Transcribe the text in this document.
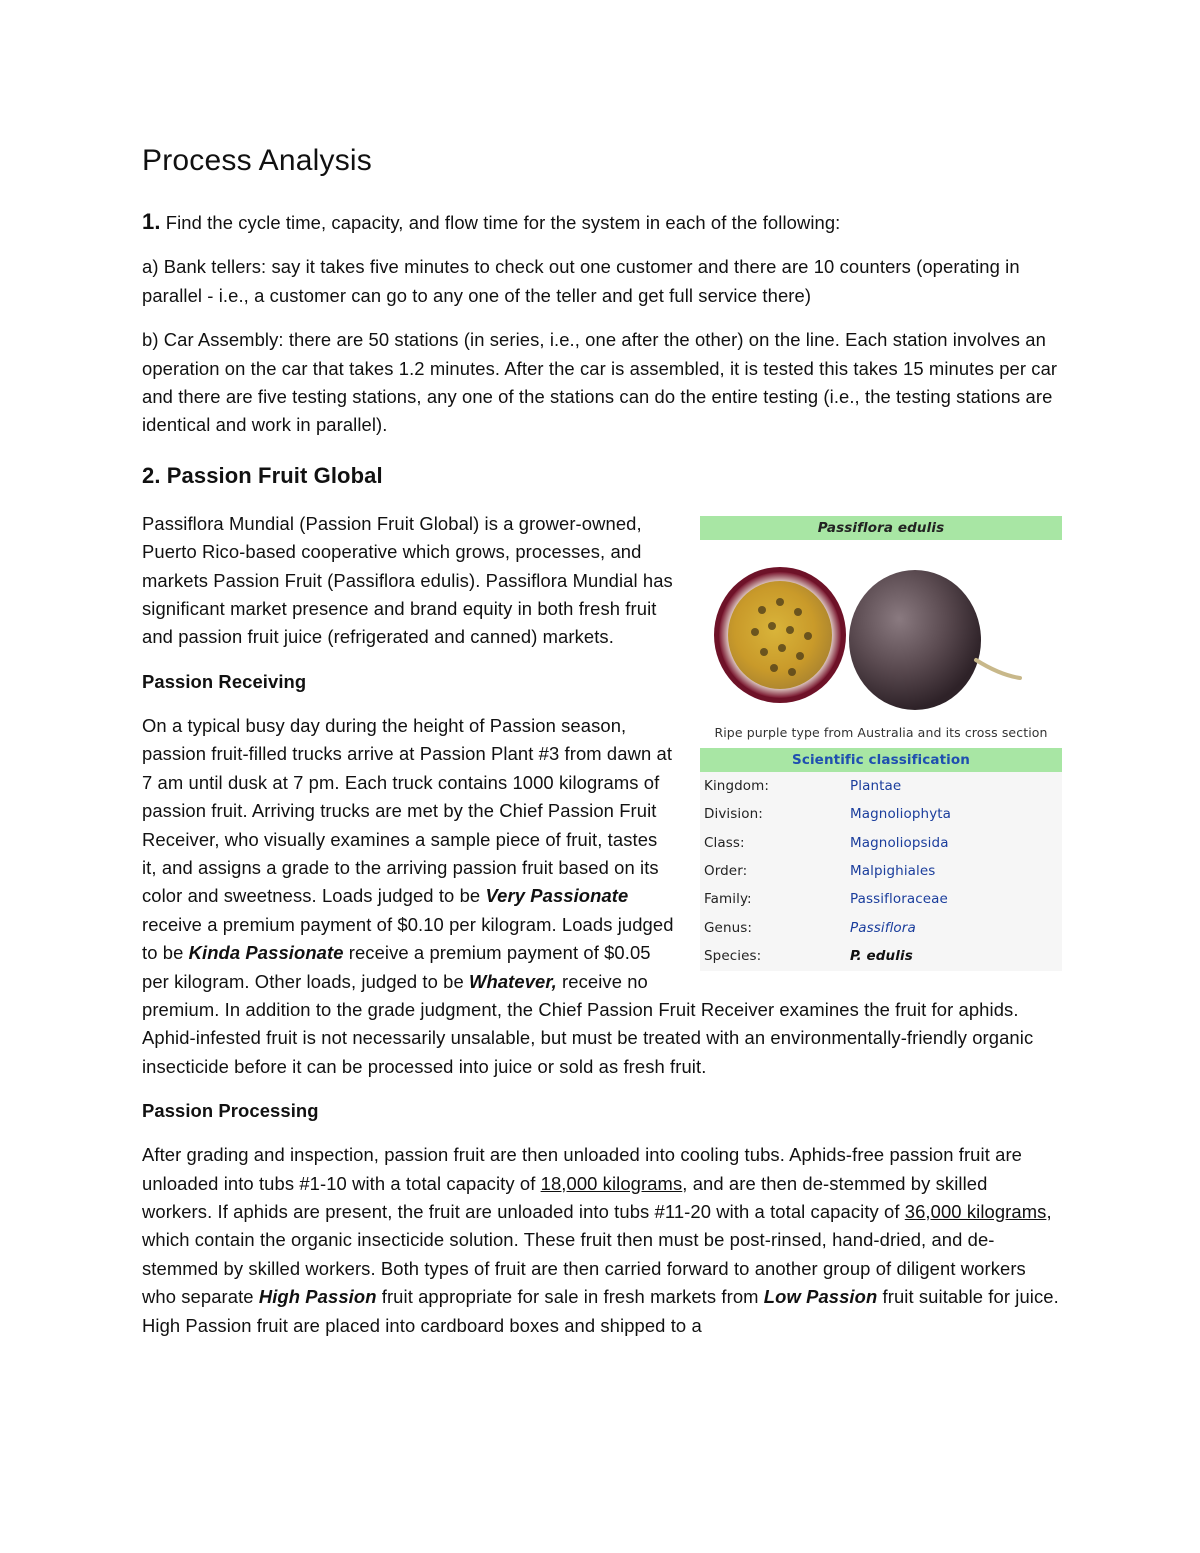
Process Analysis

1. Find the cycle time, capacity, and flow time for the system in each of the following:

a) Bank tellers: say it takes five minutes to check out one customer and there are 10 counters (operating in parallel - i.e., a customer can go to any one of the teller and get full service there)

b) Car Assembly: there are 50 stations (in series, i.e., one after the other) on the line. Each station involves an operation on the car that takes 1.2 minutes. After the car is assembled, it is tested this takes 15 minutes per car and there are five testing stations, any one of the stations can do the entire testing (i.e., the testing stations are identical and work in parallel).

2. Passion Fruit Global
Passiflora edulis
Ripe purple type from Australia and its cross section
Scientific classification
Kingdom:	Plantae
Division:	Magnoliophyta
Class:	Magnoliopsida
Order:	Malpighiales
Family:	Passifloraceae
Genus:	Passiflora
Species:	P. edulis

Passiflora Mundial (Passion Fruit Global) is a grower-owned, Puerto Rico-based cooperative which grows, processes, and markets Passion Fruit (Passiflora edulis). Passiflora Mundial has significant market presence and brand equity in both fresh fruit and passion fruit juice (refrigerated and canned) markets.

Passion Receiving

On a typical busy day during the height of Passion season, passion fruit-filled trucks arrive at Passion Plant #3 from dawn at 7 am until dusk at 7 pm. Each truck contains 1000 kilograms of passion fruit. Arriving trucks are met by the Chief Passion Fruit Receiver, who visually examines a sample piece of fruit, tastes it, and assigns a grade to the arriving passion fruit based on its color and sweetness. Loads judged to be Very Passionate receive a premium payment of $0.10 per kilogram. Loads judged to be Kinda Passionate receive a premium payment of $0.05 per kilogram. Other loads, judged to be Whatever, receive no premium. In addition to the grade judgment, the Chief Passion Fruit Receiver examines the fruit for aphids. Aphid-infested fruit is not necessarily unsalable, but must be treated with an environmentally-friendly organic insecticide before it can be processed into juice or sold as fresh fruit.

Passion Processing

After grading and inspection, passion fruit are then unloaded into cooling tubs. Aphids-free passion fruit are unloaded into tubs #1-10 with a total capacity of 18,000 kilograms, and are then de-stemmed by skilled workers. If aphids are present, the fruit are unloaded into tubs #11-20 with a total capacity of 36,000 kilograms, which contain the organic insecticide solution. These fruit then must be post-rinsed, hand-dried, and de-stemmed by skilled workers. Both types of fruit are then carried forward to another group of diligent workers who separate High Passion fruit appropriate for sale in fresh markets from Low Passion fruit suitable for juice. High Passion fruit are placed into cardboard boxes and shipped to a
